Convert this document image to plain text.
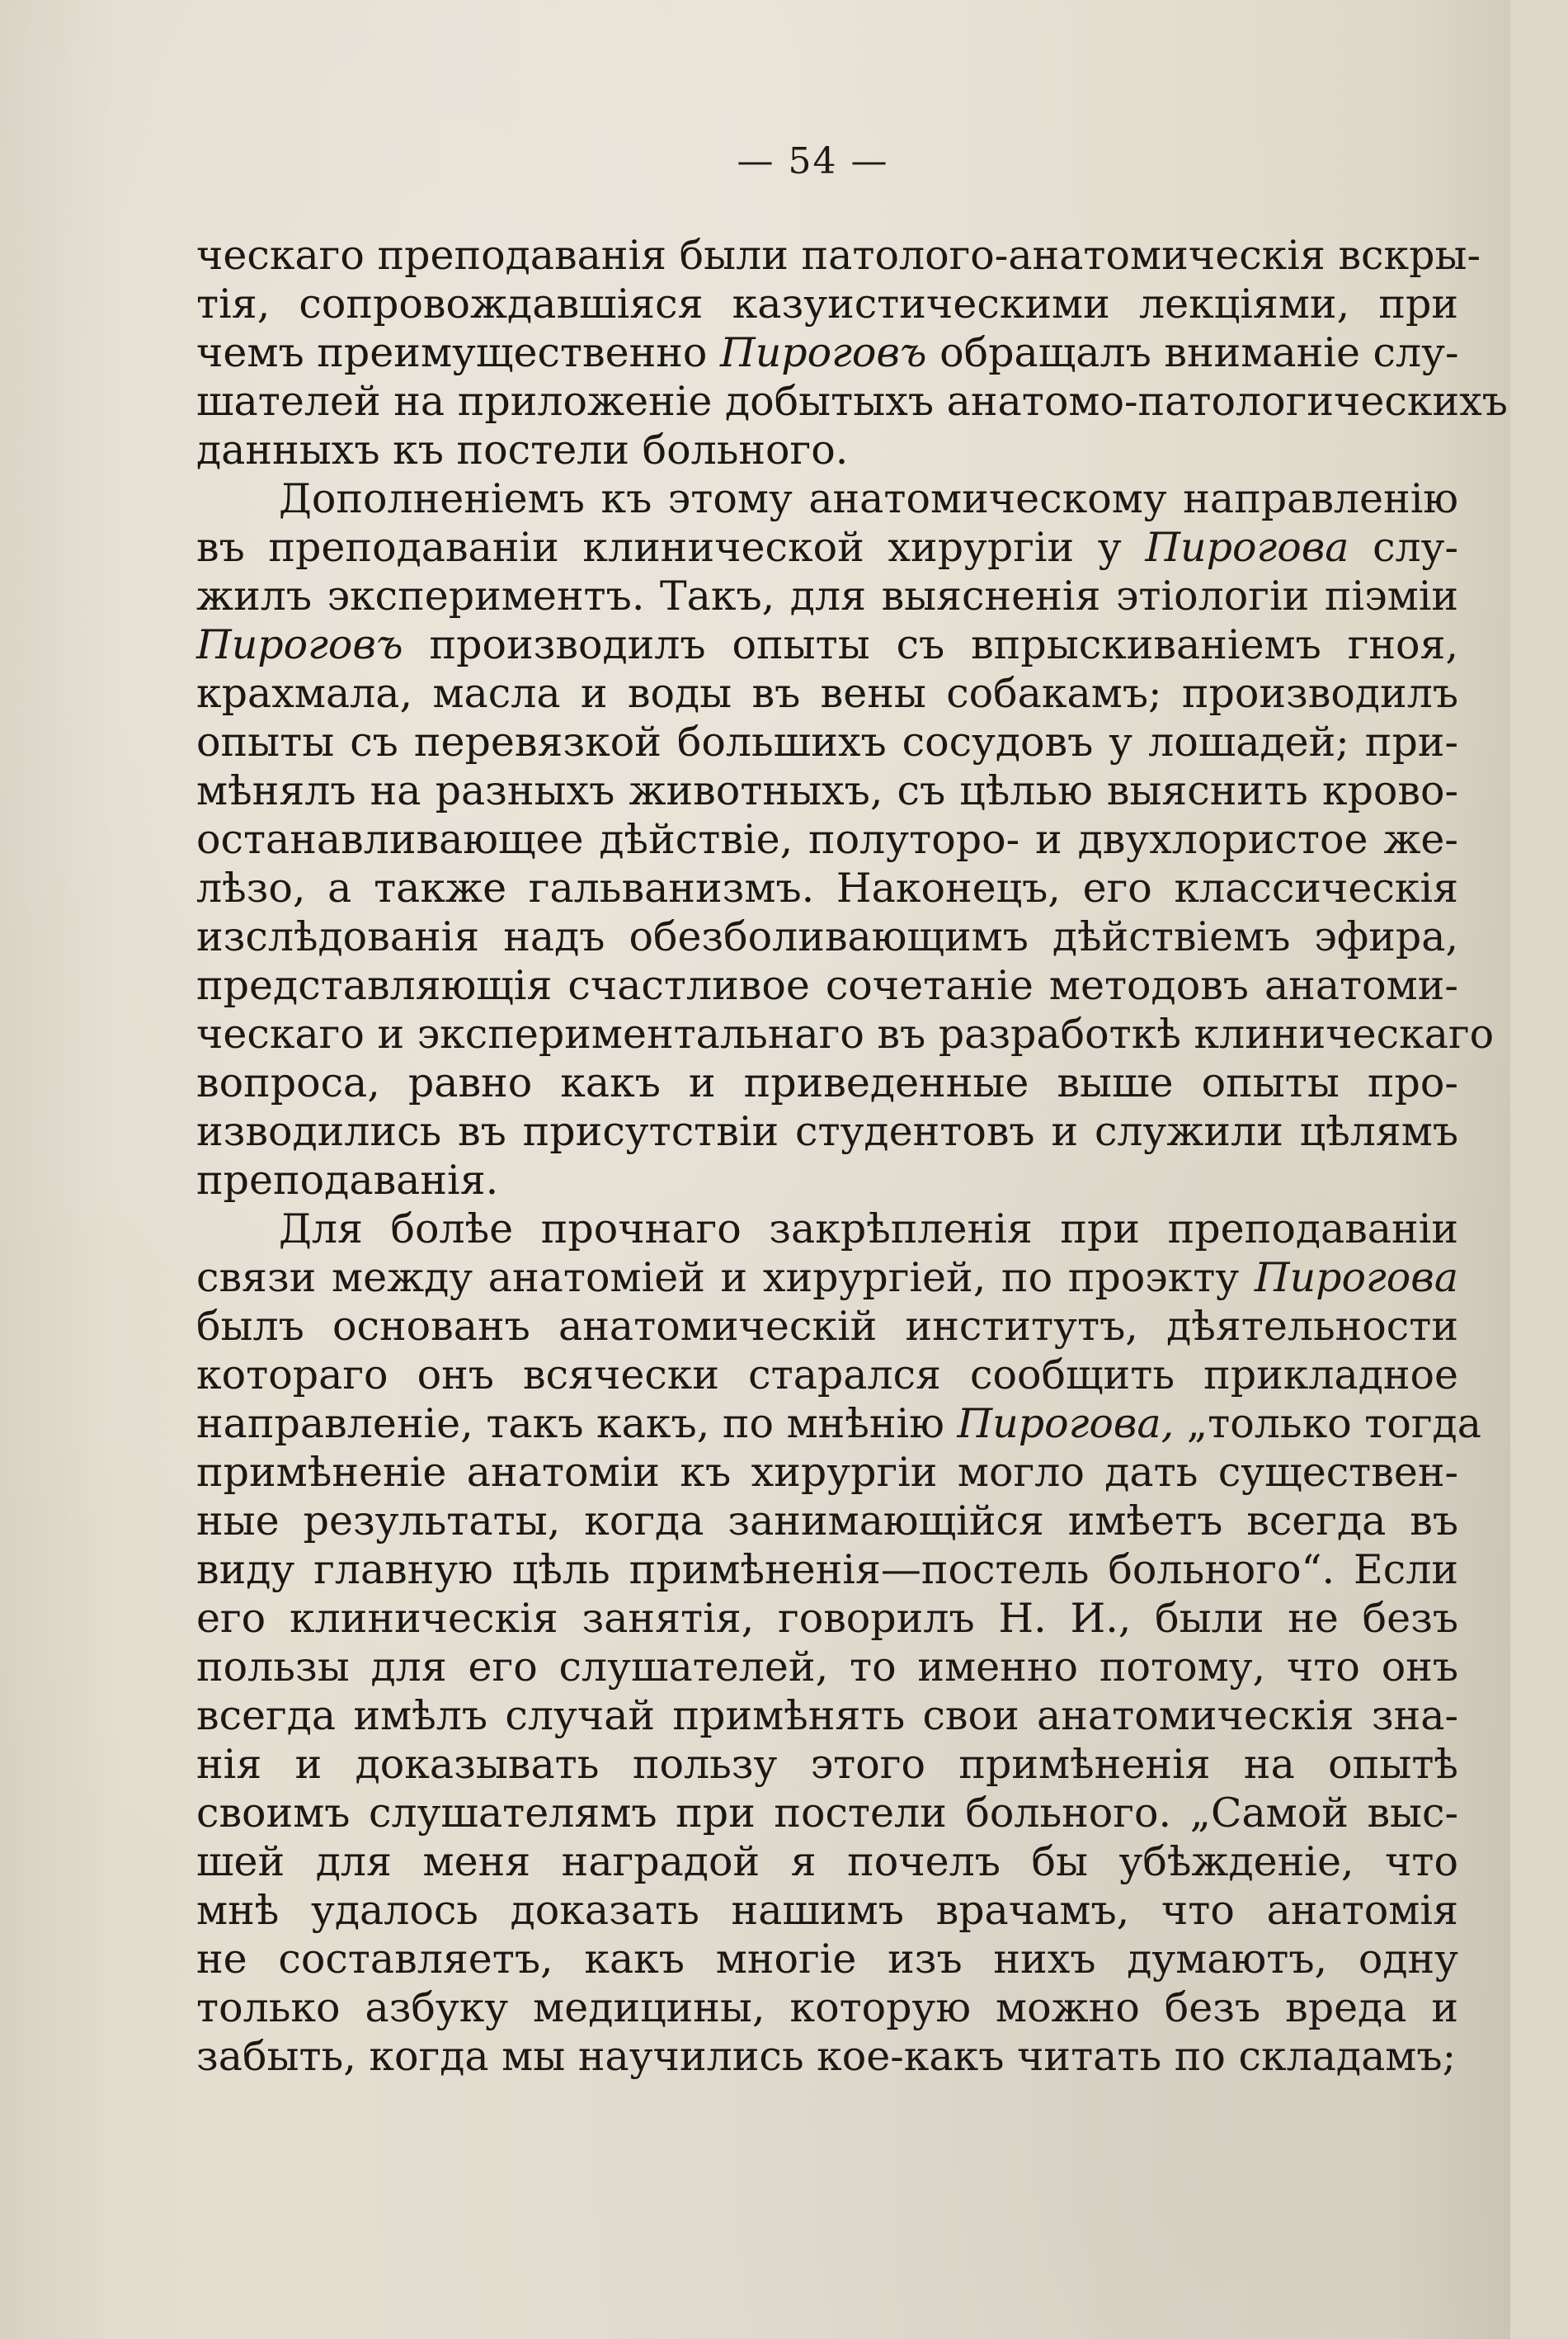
— 54 —

ческаго преподаванія были патолого-анатомическія вскры-
тія, сопровождавшіяся казуистическими лекціями, при
чемъ преимущественно Пироговъ обращалъ вниманіе слу-
шателей на приложеніе добытыхъ анатомо-патологическихъ
данныхъ къ постели больного.

Дополненіемъ къ этому анатомическому направленію
въ преподаваніи клинической хирургіи у Пирогова слу-
жилъ экспериментъ. Такъ, для выясненія этіологіи піэміи
Пироговъ производилъ опыты съ впрыскиваніемъ гноя,
крахмала, масла и воды въ вены собакамъ; производилъ
опыты съ перевязкой большихъ сосудовъ у лошадей; при-
мѣнялъ на разныхъ животныхъ, съ цѣлью выяснить крово-
останавливающее дѣйствіе, полуторо- и двухлористое же-
лѣзо, а также гальванизмъ. Наконецъ, его классическія
изслѣдованія надъ обезболивающимъ дѣйствіемъ эфира,
представляющія счастливое сочетаніе методовъ анатоми-
ческаго и экспериментальнаго въ разработкѣ клиническаго
вопроса, равно какъ и приведенные выше опыты про-
изводились въ присутствіи студентовъ и служили цѣлямъ
преподаванія.

Для болѣе прочнаго закрѣпленія при преподаваніи
связи между анатоміей и хирургіей, по проэкту Пирогова
былъ основанъ анатомическій институтъ, дѣятельности
котораго онъ всячески старался сообщить прикладное
направленіе, такъ какъ, по мнѣнію Пирогова, „только тогда
примѣненіе анатоміи къ хирургіи могло дать существен-
ные результаты, когда занимающійся имѣетъ всегда въ
виду главную цѣль примѣненія—постель больного“. Если
его клиническія занятія, говорилъ Н. И., были не безъ
пользы для его слушателей, то именно потому, что онъ
всегда имѣлъ случай примѣнять свои анатомическія зна-
нія и доказывать пользу этого примѣненія на опытѣ
своимъ слушателямъ при постели больного. „Самой выс-
шей для меня наградой я почелъ бы убѣжденіе, что
мнѣ удалось доказать нашимъ врачамъ, что анатомія
не составляетъ, какъ многіе изъ нихъ думаютъ, одну
только азбуку медицины, которую можно безъ вреда и
забыть, когда мы научились кое-какъ читать по складамъ;
